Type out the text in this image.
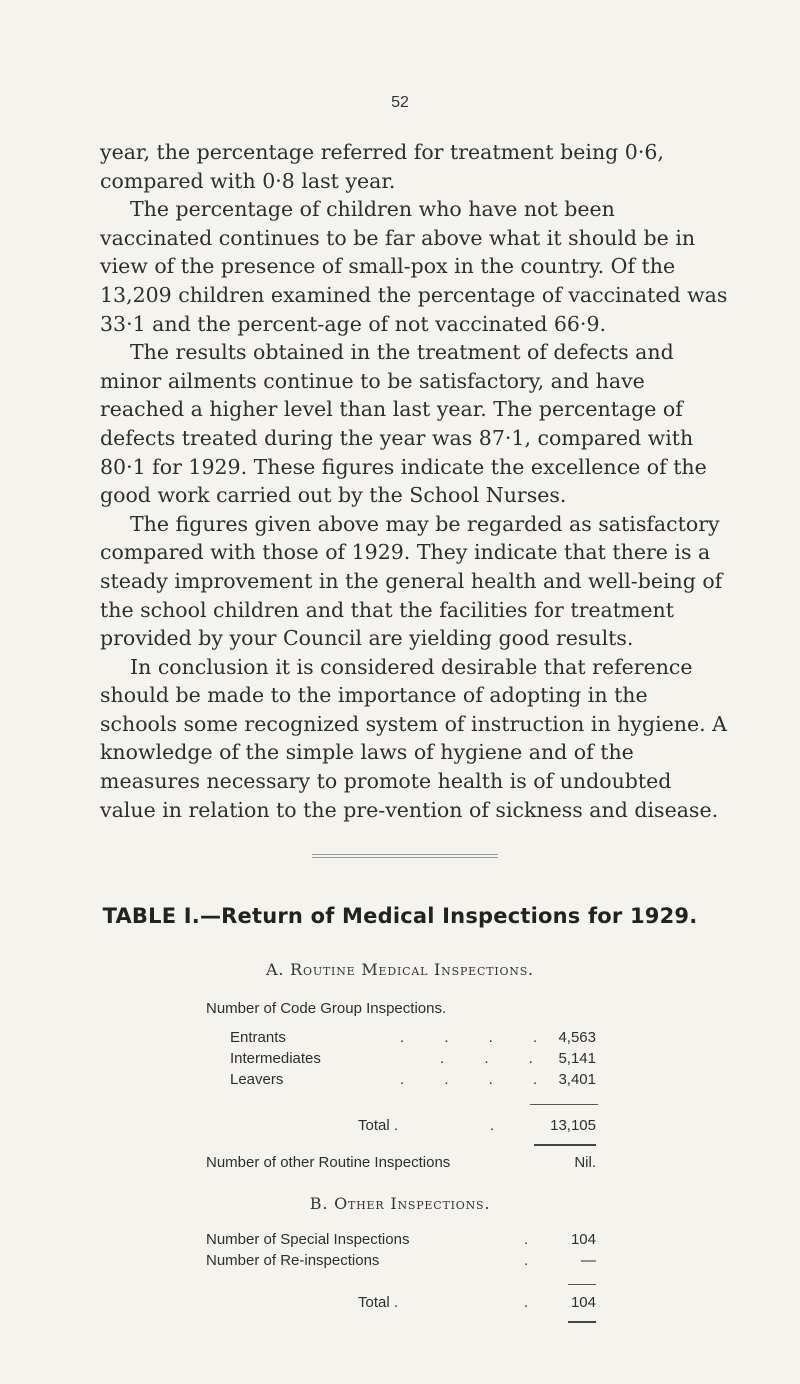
52

year, the percentage referred for treatment being 0·6, compared with 0·8 last year.

The percentage of children who have not been vaccinated continues to be far above what it should be in view of the presence of small-pox in the country. Of the 13,209 children examined the percentage of vaccinated was 33·1 and the percent-age of not vaccinated 66·9.

The results obtained in the treatment of defects and minor ailments continue to be satisfactory, and have reached a higher level than last year. The percentage of defects treated during the year was 87·1, compared with 80·1 for 1929. These figures indicate the excellence of the good work carried out by the School Nurses.

The figures given above may be regarded as satisfactory compared with those of 1929. They indicate that there is a steady improvement in the general health and well-being of the school children and that the facilities for treatment provided by your Council are yielding good results.

In conclusion it is considered desirable that reference should be made to the importance of adopting in the schools some recognized system of instruction in hygiene. A knowledge of the simple laws of hygiene and of the measures necessary to promote health is of undoubted value in relation to the pre-vention of sickness and disease.

TABLE I.—Return of Medical Inspections for 1929.
A. Routine Medical Inspections.
Number of Code Group Inspections.
Entrants	. . . . 4,563
Intermediates	. . . 5,141
Leavers	. . . . 3,401
Total .	.	13,105
Number of other Routine Inspections	Nil.
B. Other Inspections.
Number of Special Inspections	. 104
Number of Re-inspections	. —
Total .	. 104
